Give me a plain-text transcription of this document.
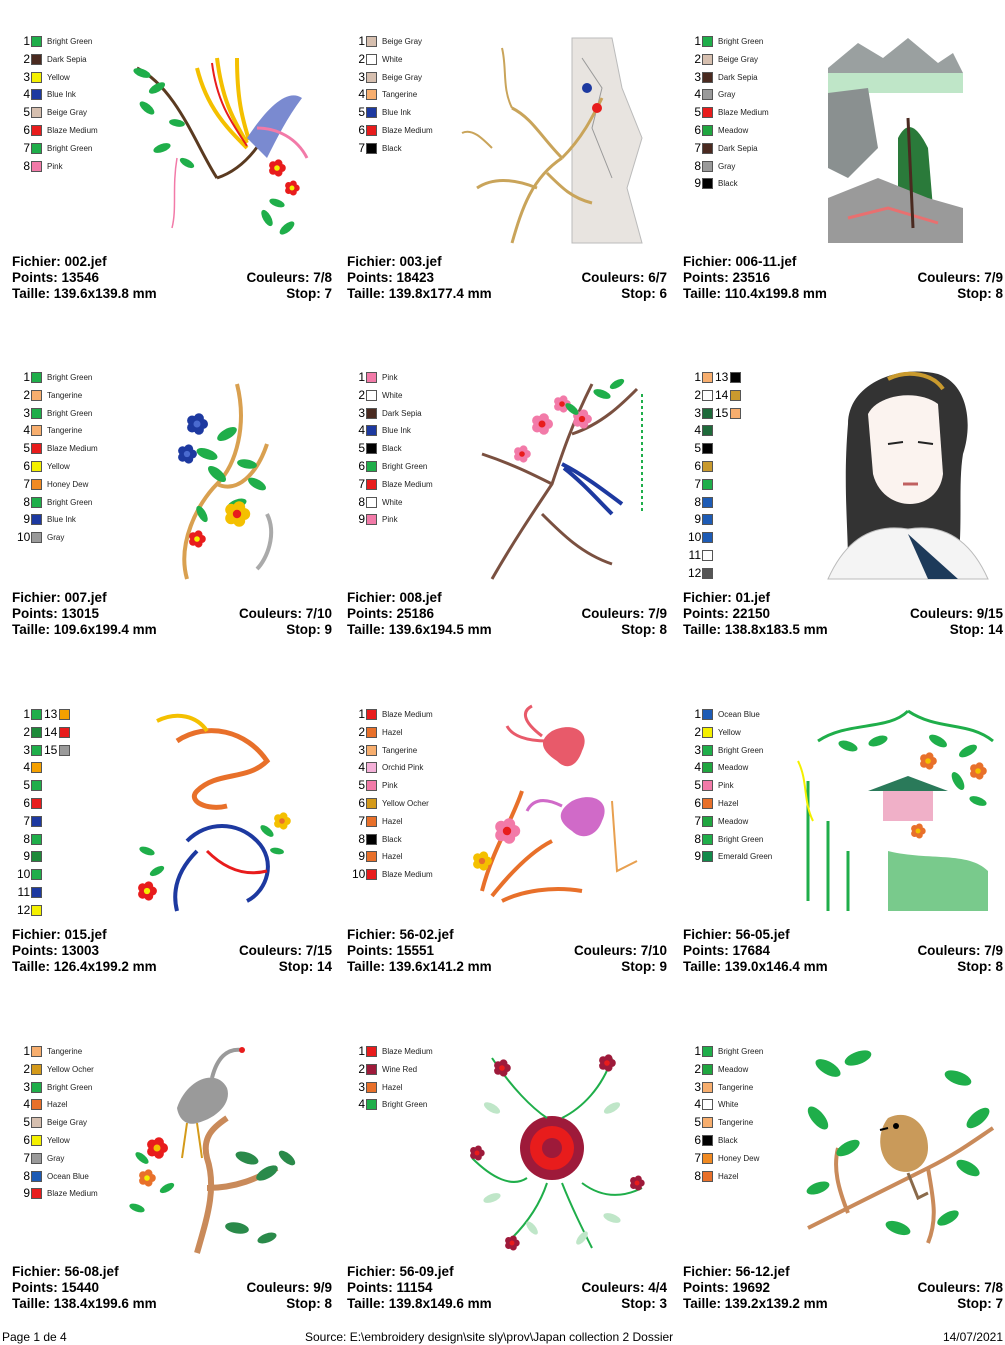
1 Bright Green
2 Dark Sepia
3 Yellow
4 Blue Ink
5 Beige Gray
6 Blaze Medium
7 Bright Green
8 Pink
Fichier: 002.jef
Points: 13546	Couleurs: 7/8
Taille: 139.6x139.8 mm	Stop: 7
1 Beige Gray
2 White
3 Beige Gray
4 Tangerine
5 Blue Ink
6 Blaze Medium
7 Black
Fichier: 003.jef
Points: 18423	Couleurs: 6/7
Taille: 139.8x177.4 mm	Stop: 6
1 Bright Green
2 Beige Gray
3 Dark Sepia
4 Gray
5 Blaze Medium
6 Meadow
7 Dark Sepia
8 Gray
9 Black
Fichier: 006-11.jef
Points: 23516	Couleurs: 7/9
Taille: 110.4x199.8 mm	Stop: 8
1 Bright Green
2 Tangerine
3 Bright Green
4 Tangerine
5 Blaze Medium
6 Yellow
7 Honey Dew
8 Bright Green
9 Blue Ink
10 Gray
Fichier: 007.jef
Points: 13015	Couleurs: 7/10
Taille: 109.6x199.4 mm	Stop: 9
1 Pink
2 White
3 Dark Sepia
4 Blue Ink
5 Black
6 Bright Green
7 Blaze Medium
8 White
9 Pink
Fichier: 008.jef
Points: 25186	Couleurs: 7/9
Taille: 139.6x194.5 mm	Stop: 8
1 13
2 14
3 15
4
5
6
7
8
9
10
11
12
Fichier: 01.jef
Points: 22150	Couleurs: 9/15
Taille: 138.8x183.5 mm	Stop: 14
1 13
2 14
3 15
4
5
6
7
8
9
10
11
12
Fichier: 015.jef
Points: 13003	Couleurs: 7/15
Taille: 126.4x199.2 mm	Stop: 14
1 Blaze Medium
2 Hazel
3 Tangerine
4 Orchid Pink
5 Pink
6 Yellow Ocher
7 Hazel
8 Black
9 Hazel
10 Blaze Medium
Fichier: 56-02.jef
Points: 15551	Couleurs: 7/10
Taille: 139.6x141.2 mm	Stop: 9
1 Ocean Blue
2 Yellow
3 Bright Green
4 Meadow
5 Pink
6 Hazel
7 Meadow
8 Bright Green
9 Emerald Green
Fichier: 56-05.jef
Points: 17684	Couleurs: 7/9
Taille: 139.0x146.4 mm	Stop: 8
1 Tangerine
2 Yellow Ocher
3 Bright Green
4 Hazel
5 Beige Gray
6 Yellow
7 Gray
8 Ocean Blue
9 Blaze Medium
Fichier: 56-08.jef
Points: 15440	Couleurs: 9/9
Taille: 138.4x199.6 mm	Stop: 8
1 Blaze Medium
2 Wine Red
3 Hazel
4 Bright Green
Fichier: 56-09.jef
Points: 11154	Couleurs: 4/4
Taille: 139.8x149.6 mm	Stop: 3
1 Bright Green
2 Meadow
3 Tangerine
4 White
5 Tangerine
6 Black
7 Honey Dew
8 Hazel
Fichier: 56-12.jef
Points: 19692	Couleurs: 7/8
Taille: 139.2x139.2 mm	Stop: 7
Page 1 de 4	Source: E:\embroidery design\site sly\prov\Japan collection 2 Dossier	14/07/2021
